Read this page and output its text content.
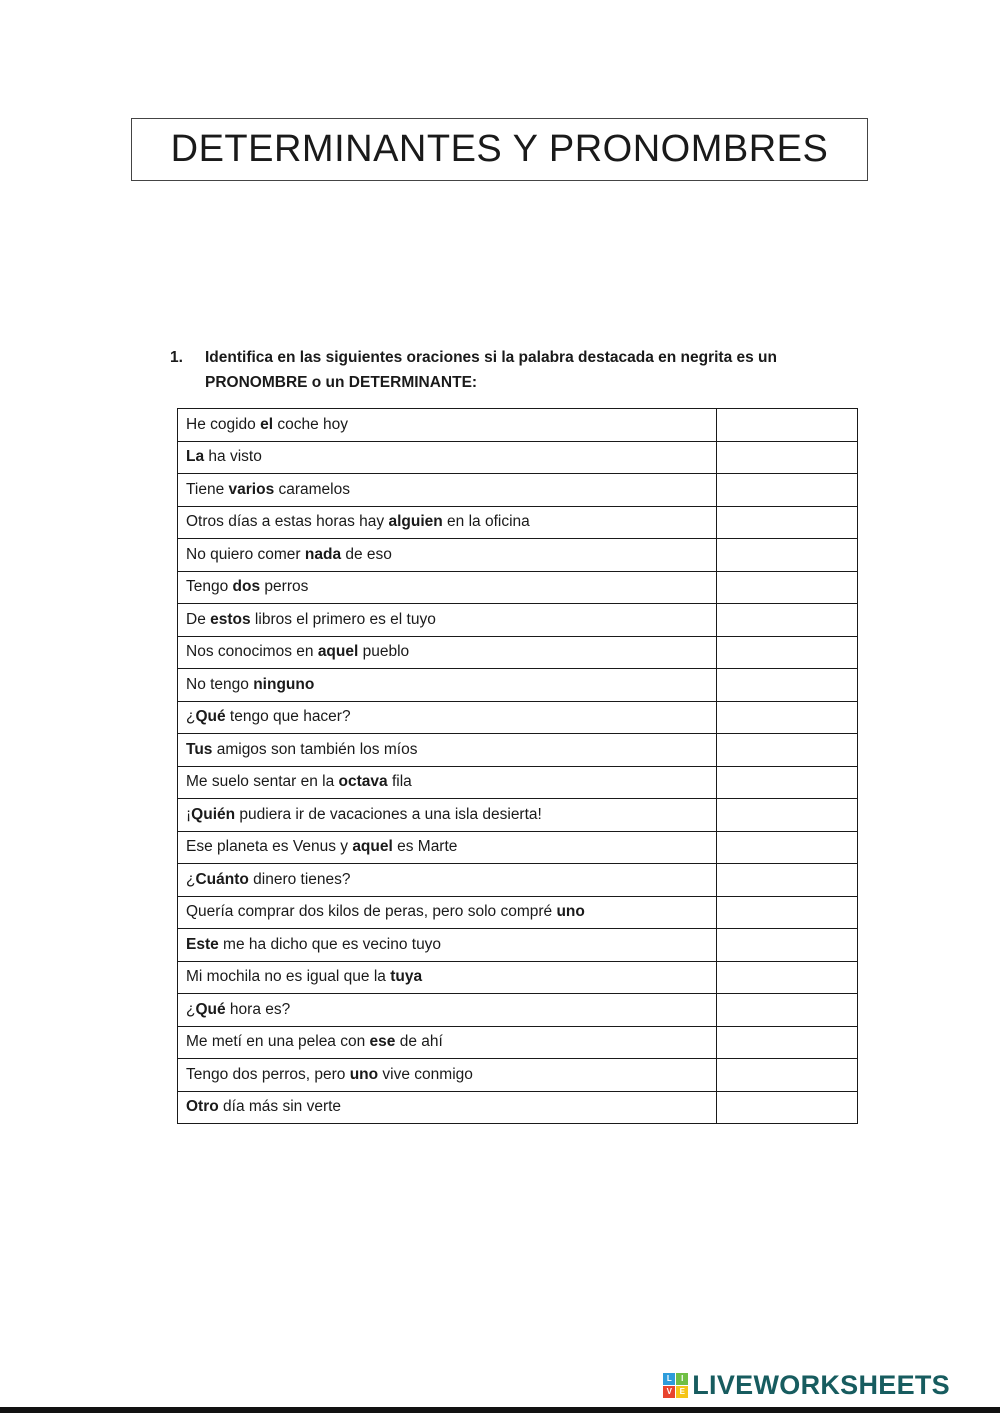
DETERMINANTES Y PRONOMBRES
1.	Identifica en las siguientes oraciones si la palabra destacada en negrita es un
PRONOMBRE o un DETERMINANTE:
He cogido el coche hoy	
La ha visto	
Tiene varios caramelos	
Otros días a estas horas hay alguien en la oficina	
No quiero comer nada de eso	
Tengo dos perros	
De estos libros el primero es el tuyo	
Nos conocimos en aquel pueblo	
No tengo ninguno	
¿Qué tengo que hacer?	
Tus amigos son también los míos	
Me suelo sentar en la octava fila	
¡Quién pudiera ir de vacaciones a una isla desierta!	
Ese planeta es Venus y aquel es Marte	
¿Cuánto dinero tienes?	
Quería comprar dos kilos de peras, pero solo compré uno	
Este me ha dicho que es vecino tuyo	
Mi mochila no es igual que la tuya	
¿Qué hora es?	
Me metí en una pelea con ese de ahí	
Tengo dos perros, pero uno vive conmigo	
Otro día más sin verte	
L	I
V E LIVEWORKSHEETS
